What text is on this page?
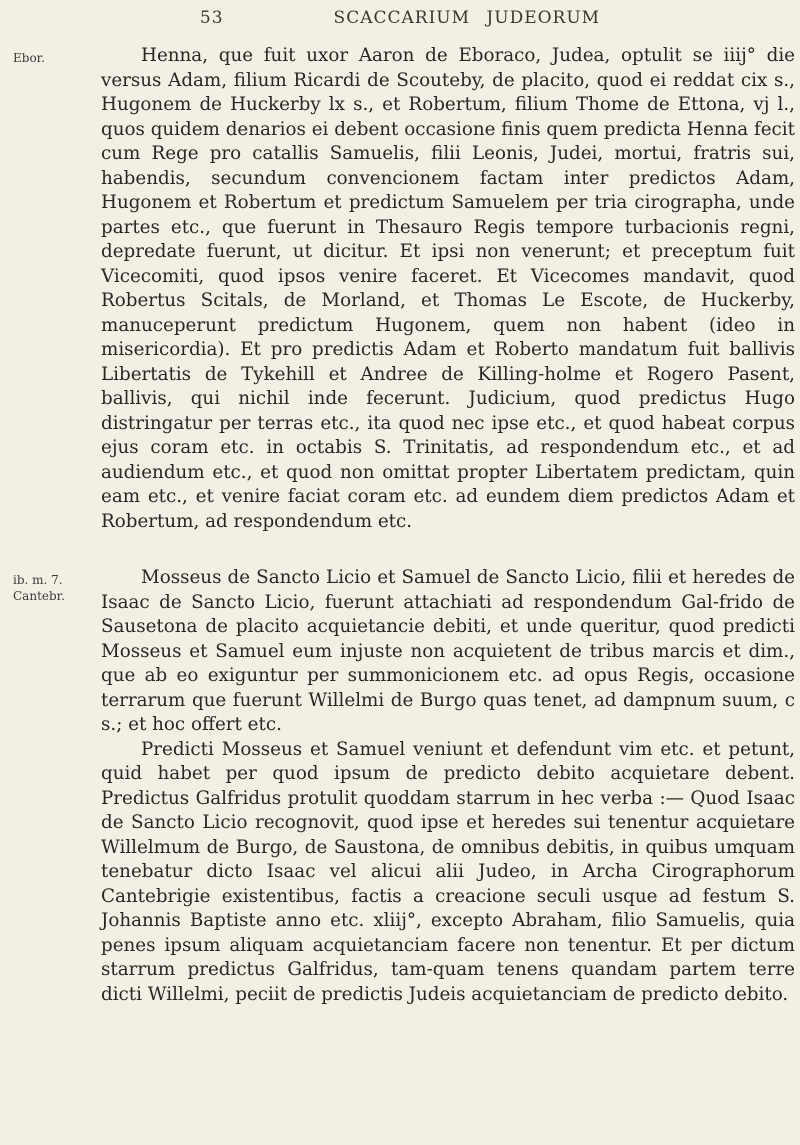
53	SCACCARIUM JUDEORUM
Ebor.	Henna, que fuit uxor Aaron de Eboraco, Judea, optulit se iiij° die versus Adam, filium Ricardi de Scouteby, de placito, quod ei reddat cix s., Hugonem de Huckerby lx s., et Robertum, filium Thome de Ettona, vj l., quos quidem denarios ei debent occasione finis quem predicta Henna fecit cum Rege pro catallis Samuelis, filii Leonis, Judei, mortui, fratris sui, habendis, secundum convencionem factam inter predictos Adam, Hugonem et Robertum et predictum Samuelem per tria cirographa, unde partes etc., que fuerunt in Thesauro Regis tempore turbacionis regni, depredate fuerunt, ut dicitur. Et ipsi non venerunt; et preceptum fuit Vicecomiti, quod ipsos venire faceret. Et Vicecomes mandavit, quod Robertus Scitals, de Morland, et Thomas Le Escote, de Huckerby, manuceperunt predictum Hugonem, quem non habent (ideo in misericordia). Et pro predictis Adam et Roberto mandatum fuit ballivis Libertatis de Tykehill et Andree de Killing-holme et Rogero Pasent, ballivis, qui nichil inde fecerunt. Judicium, quod predictus Hugo distringatur per terras etc., ita quod nec ipse etc., et quod habeat corpus ejus coram etc. in octabis S. Trinitatis, ad respondendum etc., et ad audiendum etc., et quod non omittat propter Libertatem predictam, quin eam etc., et venire faciat coram etc. ad eundem diem predictos Adam et Robertum, ad respondendum etc.

ib. m. 7. Cantebr.

Mosseus de Sancto Licio et Samuel de Sancto Licio, filii et heredes de Isaac de Sancto Licio, fuerunt attachiati ad respondendum Gal-frido de Sausetona de placito acquietancie debiti, et unde queritur, quod predicti Mosseus et Samuel eum injuste non acquietent de tribus marcis et dim., que ab eo exiguntur per summonicionem etc. ad opus Regis, occasione terrarum que fuerunt Willelmi de Burgo quas tenet, ad dampnum suum, c s.; et hoc offert etc.

Predicti Mosseus et Samuel veniunt et defendunt vim etc. et petunt, quid habet per quod ipsum de predicto debito acquietare debent. Predictus Galfridus protulit quoddam starrum in hec verba :— Quod Isaac de Sancto Licio recognovit, quod ipse et heredes sui tenentur acquietare Willelmum de Burgo, de Saustona, de omnibus debitis, in quibus umquam tenebatur dicto Isaac vel alicui alii Judeo, in Archa Cirographorum Cantebrigie existentibus, factis a creacione seculi usque ad festum S. Johannis Baptiste anno etc. xliij°, excepto Abraham, filio Samuelis, quia penes ipsum aliquam acquietanciam facere non tenentur. Et per dictum starrum predictus Galfridus, tam-quam tenens quandam partem terre dicti Willelmi, peciit de predictis Judeis acquietanciam de predicto debito.
